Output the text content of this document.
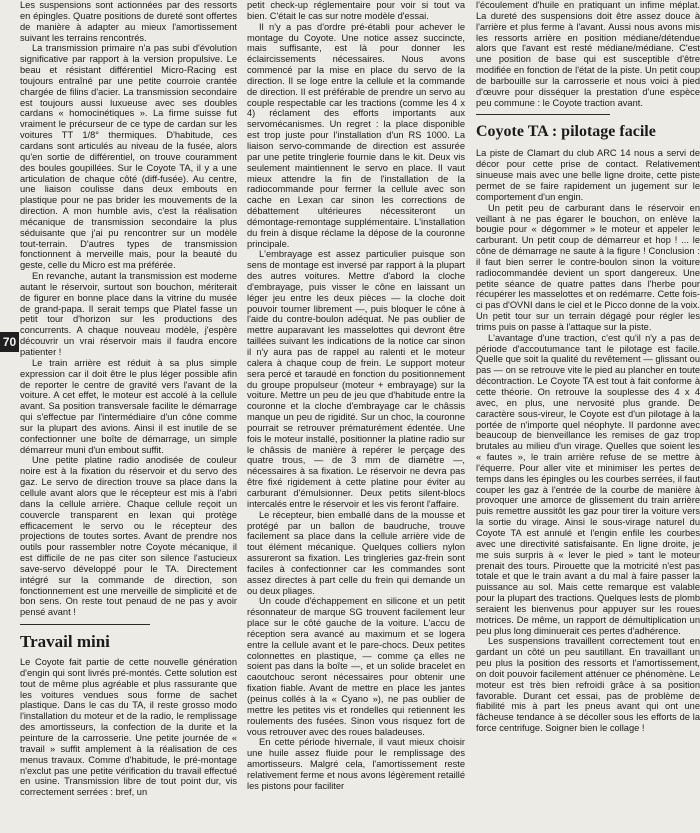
70

Les suspensions sont actionnées par des ressorts en épingles. Quatre positions de dureté sont offertes de manière à adapter au mieux l'amortissement suivant les terrains rencontrés.

La transmission primaire n'a pas subi d'évolution significative par rapport à la version propulsive. Le beau et résistant différentiel Micro-Racing est toujours entraîné par une petite courroie crantée chargée de filins d'acier. La transmission secondaire est toujours aussi luxueuse avec ses doubles cardans « homocinétiques ». La firme suisse fut vraiment le précurseur de ce type de cardan sur les voitures TT 1/8° thermiques. D'habitude, ces cardans sont articulés au niveau de la fusée, alors qu'en sortie de différentiel, on trouve couramment des boules goupillées. Sur le Coyote TA, il y a une articulation de chaque côté (diff-fusée). Au centre, une liaison coulisse dans deux embouts en plastique pour ne pas brider les mouvements de la direction. A mon humble avis, c'est la réalisation mécanique de transmission secondaire la plus séduisante que j'ai pu rencontrer sur un modèle tout-terrain. D'autres types de transmission fonctionnent à merveille mais, pour la beauté du geste, celle du Micro est ma préférée.

En revanche, autant la transmission est moderne autant le réservoir, surtout son bouchon, mériterait de figurer en bonne place dans la vitrine du musée de grand-papa. Il serait temps que Platel fasse un petit tour d'horizon sur les productions des concurrents. A chaque nouveau modèle, j'espère découvrir un vrai réservoir mais il faudra encore patienter !

Le train arrière est réduit à sa plus simple expression car il doit être le plus léger possible afin de reporter le centre de gravité vers l'avant de la voiture. A cet effet, le moteur est accolé à la cellule avant. Sa position transversale facilite le démarrage qui s'effectue par l'intermédiaire d'un cône comme sur la plupart des avions. Ainsi il est inutile de se confectionner une boîte de démarrage, un simple démarreur muni d'un embout suffit.

Une petite platine radio anodisée de couleur noire est à la fixation du réservoir et du servo des gaz. Le servo de direction trouve sa place dans la cellule avant alors que le récepteur est mis à l'abri dans la cellule arrière. Chaque cellule reçoit un couvercle transparent en lexan qui protège efficacement le servo ou le récepteur des projections de toutes sortes. Avant de prendre nos outils pour rassembler notre Coyote mécanique, il est difficile de ne pas citer son silence l'astucieux save-servo développé pour le TA. Directement intégré sur la commande de direction, son fonctionnement est une merveille de simplicité et de bon sens. On reste tout penaud de ne pas y avoir pensé avant !

Travail mini

Le Coyote fait partie de cette nouvelle génération d'engin qui sont livrés pré-montés. Cette solution est tout de même plus agréable et plus rassurante que les voitures vendues sous forme de sachet plastique. Dans le cas du TA, il reste grosso modo l'installation du moteur et de la radio, le remplissage des amortisseurs, la confection de la durite et la peinture de la carrosserie. Une petite journée de « travail » suffit amplement à la réalisation de ces menus travaux. Comme d'habitude, le pré-montage n'exclut pas une petite vérification du travail effectué en usine. Transmission libre de tout point dur, vis correctement serrées : bref, un

petit check-up réglementaire pour voir si tout va bien. C'était le cas sur notre modèle d'essai.

Il n'y a pas d'ordre pré-établi pour achever le montage du Coyote. Une notice assez succincte, mais suffisante, est là pour donner les éclaircissements nécessaires. Nous avons commencé par la mise en place du servo de la direction. Il se loge entre la cellule et la commande de direction. Il est préférable de prendre un servo au couple respectable car les tractions (comme les 4 x 4) réclament des efforts importants aux servomécanismes. Un regret : la place disponible est trop juste pour l'installation d'un RS 1000. La liaison servo-commande de direction est assurée par une petite tringlerie fournie dans le kit. Deux vis seulement maintiennent le servo en place. Il vaut mieux attendre la fin de l'installation de la radiocommande pour fermer la cellule avec son cache en Lexan car sinon les corrections de débattement ultérieures nécessiteront un démontage-remontage supplémentaire. L'installation du frein à disque réclame la dépose de la couronne principale.

L'embrayage est assez particulier puisque son sens de montage est inversé par rapport à la plupart des autres voitures. Mettre d'abord la cloche d'embrayage, puis visser le cône en laissant un léger jeu entre les deux pièces — la cloche doit pouvoir tourner librement —, puis bloquer le cône à l'aide du contre-boulon adéquat. Ne pas oublier de mettre auparavant les masselottes qui devront être taillées suivant les indications de la notice car sinon il n'y aura pas de rappel au ralenti et le moteur calera à chaque coup de frein. Le support moteur sera percé et taraudé en fonction du positionnement du groupe propulseur (moteur + embrayage) sur la voiture. Mettre un peu de jeu que d'habitude entre la couronne et la cloche d'embrayage car le châssis manque un peu de rigidité. Sur un choc, la couronne pourrait se retrouver prématurément édentée. Une fois le moteur installé, positionner la platine radio sur le châssis de manière à repérer le perçage des quatre trous, — de 3 mm de diamètre —, nécessaires à sa fixation. Le réservoir ne devra pas être fixé rigidement à cette platine pour éviter au carburant d'émulsionner. Deux petits silent-blocs intercalés entre le réservoir et les vis feront l'affaire.

Le récepteur, bien emballé dans de la mousse et protégé par un ballon de baudruche, trouve facilement sa place dans la cellule arrière vide de tout élément mécanique. Quelques colliers nylon assureront sa fixation. Les tringleries gaz-frein sont faciles à confectionner car les commandes sont assez directes à part celle du frein qui demande un ou deux pliages.

Un coude d'échappement en silicone et un petit résonnateur de marque SG trouvent facilement leur place sur le côté gauche de la voiture. L'accu de réception sera avancé au maximum et se logera entre la cellule avant et le pare-chocs. Deux petites colonnettes en plastique, — comme ça elles ne soient pas dans la boîte —, et un solide bracelet en caoutchouc seront nécessaires pour obtenir une fixation fiable. Avant de mettre en place les jantes (peinus collés à la « Cyano »), ne pas oublier de mettre les petites vis et rondelles qui retiennent les roulements des fusées. Sinon vous risquez fort de vous retrouver avec des roues baladeuses.

En cette période hivernale, il vaut mieux choisir une huile assez fluide pour le remplissage des amortisseurs. Malgré cela, l'amortissement reste relativement ferme et nous avons légèrement retaillé les pistons pour faciliter

l'écoulement d'huile en pratiquant un infime méplat. La dureté des suspensions doit être assez douce à l'arrière et plus ferme à l'avant. Aussi nous avons mis les ressorts arrière en position médiane/détendue alors que l'avant est resté médiane/médiane. C'est une position de base qui est susceptible d'être modifiée en fonction de l'état de la piste. Un petit coup de barbouille sur la carrosserie et nous voici à pied d'œuvre pour disséquer la prestation d'une espèce peu commune : le Coyote traction avant.

Coyote TA : pilotage facile

La piste de Clamart du club ARC 14 nous a servi de décor pour cette prise de contact. Relativement sinueuse mais avec une belle ligne droite, cette piste permet de se faire rapidement un jugement sur le comportement d'un engin.

Un petit peu de carburant dans le réservoir en veillant à ne pas égarer le bouchon, on enlève la bougie pour « dégommer » le moteur et appeler le carburant. Un petit coup de démarreur et hop ! ... le cône de démarrage ne saute à la figure ! Conclusion : il faut bien serrer le contre-boulon sinon la voiture radiocommandée devient un sport dangereux. Une petite séance de quatre pattes dans l'herbe pour récupérer les masselottes et on redémarre. Cette fois-ci pas d'OVNI dans le ciel et le Picco donne de la voix. Un petit tour sur un terrain dégagé pour régler les trims puis on passe à l'attaque sur la piste.

L'avantage d'une traction, c'est qu'il n'y a pas de période d'accoutumance tant le pilotage est facile. Quelle que soit la qualité du revêtement — glissant ou pas — on se retrouve vite le pied au plancher en toute décontraction. Le Coyote TA est tout à fait conforme à cette théorie. On retrouve la souplesse des 4 x 4 avec, en plus, une nervosité plus grande. De caractère sous-vireur, le Coyote est d'un pilotage à la portée de n'importe quel néophyte. Il pardonne avec beaucoup de bienveillance les remises de gaz trop brutales au milieu d'un virage. Quelles que soient les « fautes », le train arrière refuse de se mettre à l'équerre. Pour aller vite et minimiser les pertes de temps dans les épingles ou les courbes serrées, il faut couper les gaz à l'entrée de la courbe de manière à provoquer une amorce de glissement du train arrière puis remettre aussitôt les gaz pour tirer la voiture vers la sortie du virage. Ainsi le sous-virage naturel du Coyote TA est annulé et l'engin enfile les courbes avec une directivité satisfaisante. En ligne droite, je me suis surpris à « lever le pied » tant le moteur prenait des tours. Pirouette que la motricité n'est pas totale et que le train avant a du mal à faire passer la puissance au sol. Mais cette remarque est valable pour la plupart des tractions. Quelques lests de plomb seraient les bienvenus pour appuyer sur les roues motrices. De même, un rapport de démultiplication un peu plus long diminuerait ces pertes d'adhérence.

Les suspensions travaillent correctement tout en gardant un côté un peu sautillant. En travaillant un peu plus la position des ressorts et l'amortissement, on doit pouvoir facilement atténuer ce phénomène. Le moteur est très bien refroidi grâce à sa position favorable. Durant cet essai, pas de problème de fiabilité mis à part les pneus avant qui ont une fâcheuse tendance à se décoller sous les efforts de la force centrifuge. Soigner bien le collage !
